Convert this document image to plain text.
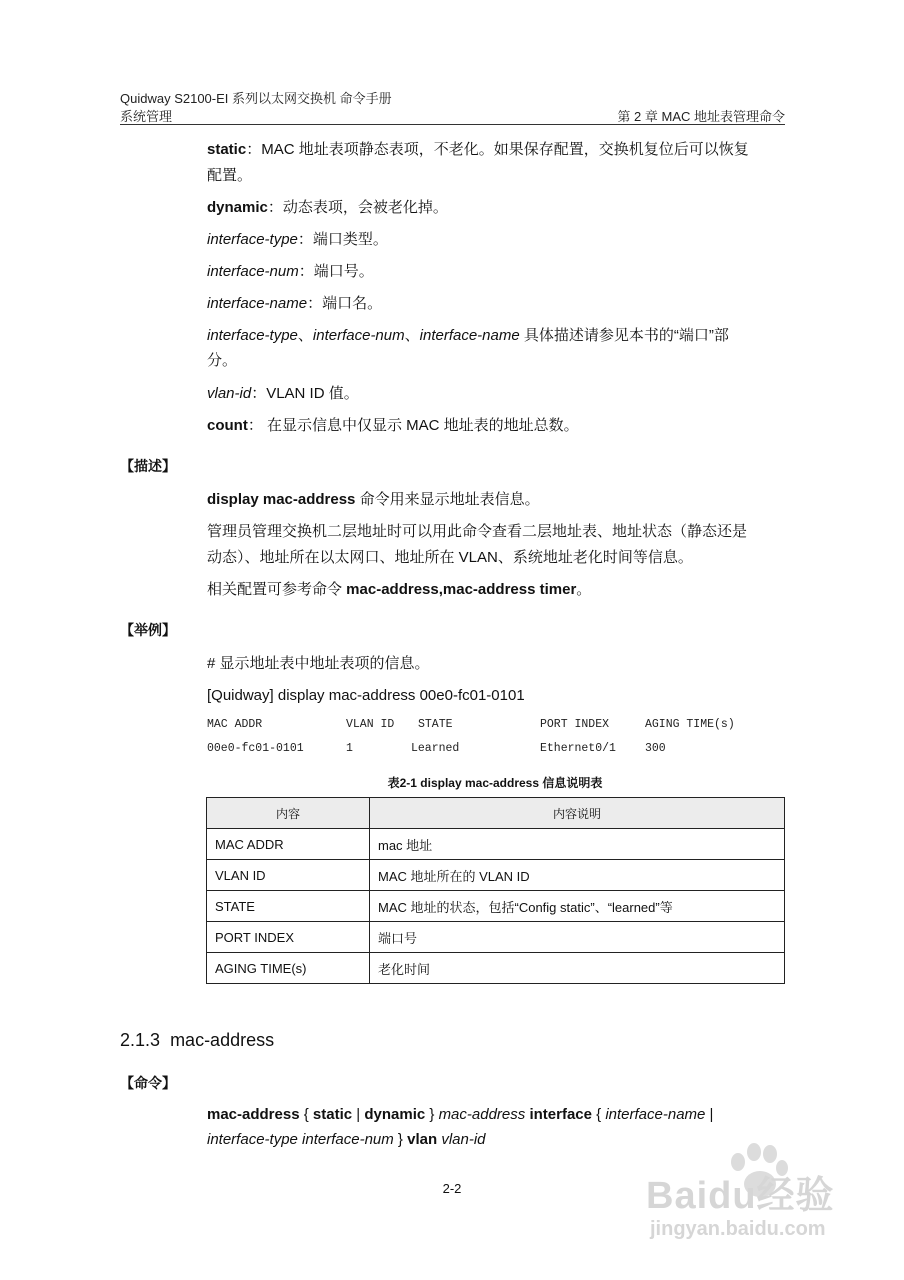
Quidway S2100-EI 系列以太网交换机 命令手册
系统管理	第 2 章 MAC 地址表管理命令
static：MAC 地址表项静态表项，不老化。如果保存配置，交换机复位后可以恢复
配置。
dynamic：动态表项，会被老化掉。
interface-type：端口类型。
interface-num：端口号。
interface-name：端口名。
interface-type、interface-num、interface-name 具体描述请参见本书的“端口”部
分。
vlan-id：VLAN ID 值。
count： 在显示信息中仅显示 MAC 地址表的地址总数。
【描述】
display mac-address 命令用来显示地址表信息。
管理员管理交换机二层地址时可以用此命令查看二层地址表、地址状态（静态还是
动态）、地址所在以太网口、地址所在 VLAN、系统地址老化时间等信息。
相关配置可参考命令 mac-address,mac-address timer。
【举例】
# 显示地址表中地址表项的信息。
[Quidway] display mac-address 00e0-fc01-0101
MAC ADDR	VLAN ID STATE	PORT INDEX	AGING TIME(s)
00e0-fc01-0101	1	Learned	Ethernet0/1	300
表2-1 display mac-address 信息说明表
内容	内容说明
MAC ADDR	mac 地址
VLAN ID	MAC 地址所在的 VLAN ID
STATE	MAC 地址的状态，包括“Config static”、“learned”等
PORT INDEX	端口号
AGING TIME(s)	老化时间
2.1.3 mac-address
【命令】
mac-address { static | dynamic } mac-address interface { interface-name |
interface-type interface-num } vlan vlan-id
2-2	Baidu经验
jingyan.baidu.com
